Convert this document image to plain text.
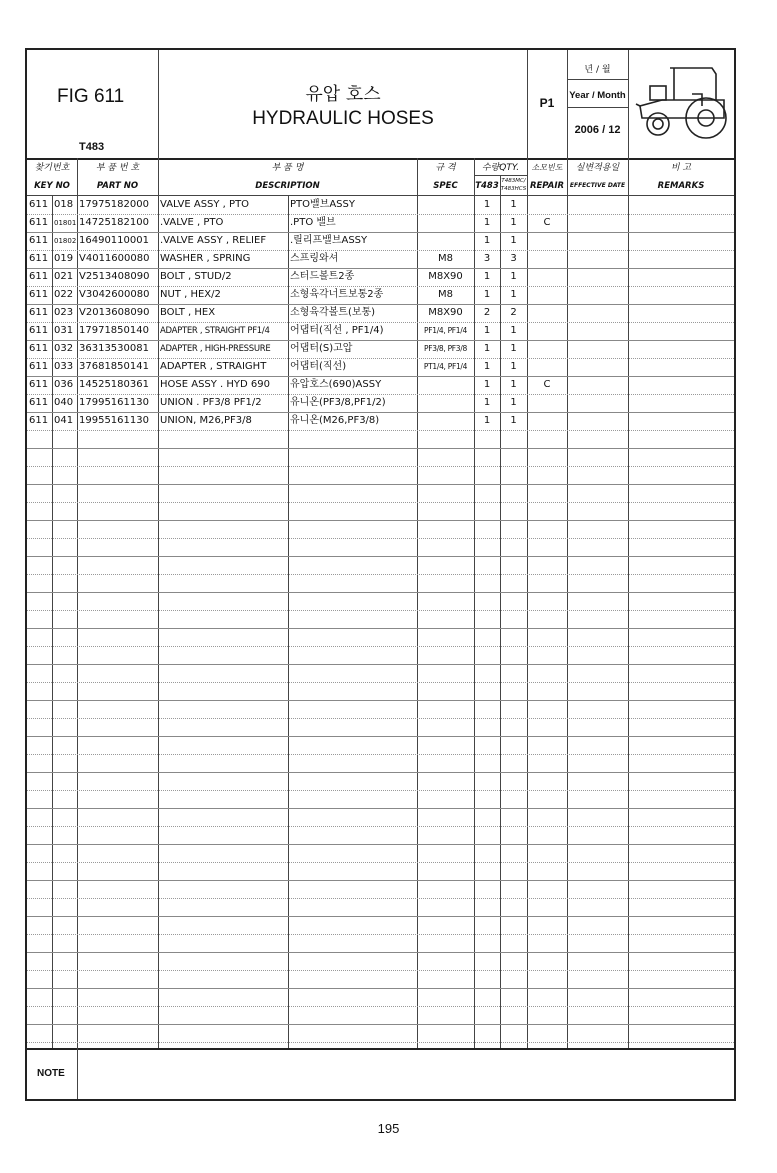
FIG 611
T483
유압 호스
HYDRAULIC HOSES
P1
년 / 월
Year / Month
2006 / 12
찾기번호
KEY NO
부 품 번 호
PART NO
부 품 명
DESCRIPTION
규 격
SPEC
수량QTY.
T483 T483MC/
T483HCS
소모빈도
REPAIR
실변적용일
EFFECTIVE DATE
비 고
REMARKS
NOTE
611 018 17975182000	VALVE ASSY , PTO	PTO밸브ASSY	1	1
611 01801 14725182100	.VALVE , PTO	.PTO 밸브	1	1	C
611 01802 16490110001	.VALVE ASSY , RELIEF	.릴리프밸브ASSY	1	1
611 019 V4011600080	WASHER , SPRING	스프링와셔	M8	3	3
611 021 V2513408090	BOLT , STUD/2	스터드볼트2종	M8X90	1	1
611 022 V3042600080	NUT , HEX/2	소형육각너트보통2종	M8	1	1
611 023 V2013608090	BOLT , HEX	소형육각볼트(보통)	M8X90	2	2
611 031 17971850140	ADAPTER , STRAIGHT PF1/4	어댑터(직선 , PF1/4)	PF1/4, PF1/4	1	1
611 032 36313530081	ADAPTER , HIGH-PRESSURE	어댑터(S)고압	PF3/8, PF3/8	1	1
611 033 37681850141	ADAPTER , STRAIGHT	어댑터(직선)	PT1/4, PF1/4	1	1
611 036 14525180361	HOSE ASSY . HYD 690	유압호스(690)ASSY	1	1	C
611 040 17995161130	UNION . PF3/8 PF1/2	유니온(PF3/8,PF1/2)	1	1
611 041 19955161130	UNION, M26,PF3/8	유니온(M26,PF3/8)	1	1
195
